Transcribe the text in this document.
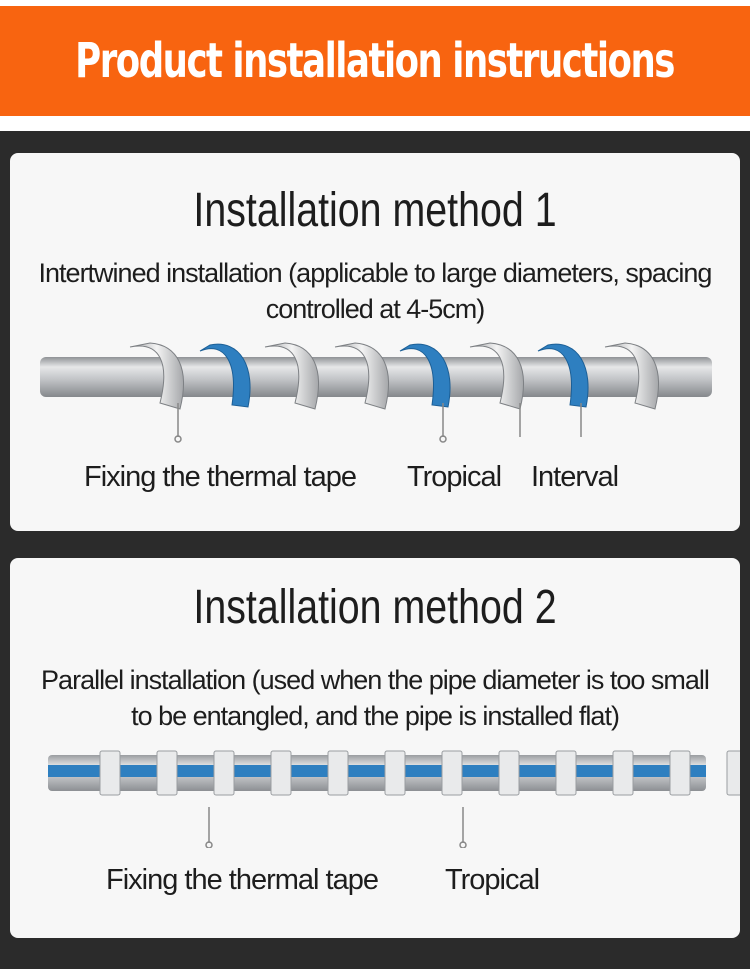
Product installation instructions
Installation method 1
Intertwined installation (applicable to large diameters, spacing controlled at 4-5cm)
Fixing the thermal tape Tropical Interval
Installation method 2
Parallel installation (used when the pipe diameter is too small to be entangled, and the pipe is installed flat)
Fixing the thermal tape Tropical
